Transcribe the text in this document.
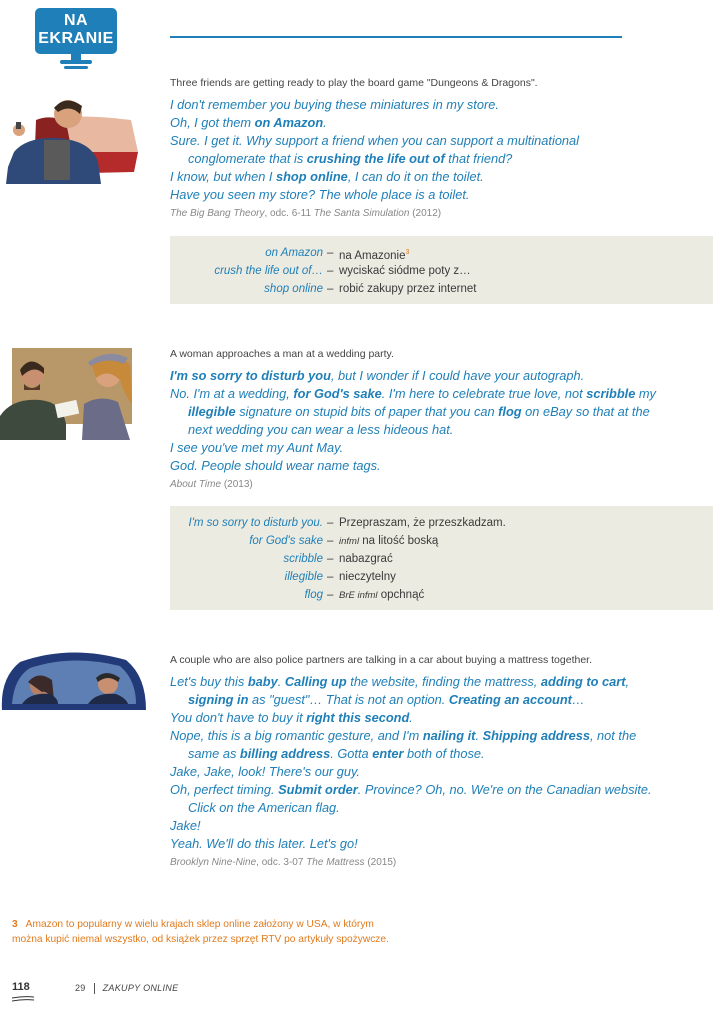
NA
EKRANIE
Three friends are getting ready to play the board game "Dungeons & Dragons".
I don't remember you buying these miniatures in my store.
Oh, I got them on Amazon.
Sure. I get it. Why support a friend when you can support a multinational
conglomerate that is crushing the life out of that friend?
I know, but when I shop online, I can do it on the toilet.
Have you seen my store? The whole place is a toilet.
The Big Bang Theory, odc. 6-11 The Santa Simulation (2012)
on Amazon – na Amazonie$^3$
crush the life out of… – wyciskać siódme poty z…
shop online – robić zakupy przez internet
A woman approaches a man at a wedding party.
I'm so sorry to disturb you, but I wonder if I could have your autograph.
No. I'm at a wedding, for God's sake. I'm here to celebrate true love, not scribble my
illegible signature on stupid bits of paper that you can flog on eBay so that at the
next wedding you can wear a less hideous hat.
I see you've met my Aunt May.
God. People should wear name tags.
About Time (2013)
I'm so sorry to disturb you. – Przepraszam, że przeszkadzam.
for God's sake – infml na litość boską
scribble – nabazgrać
illegible – nieczytelny
flog – BrE infml opchnąć
A couple who are also police partners are talking in a car about buying a mattress together.
Let's buy this baby. Calling up the website, finding the mattress, adding to cart,
signing in as "guest"… That is not an option. Creating an account…
You don't have to buy it right this second.
Nope, this is a big romantic gesture, and I'm nailing it. Shipping address, not the
same as billing address. Gotta enter both of those.
Jake, Jake, look! There's our guy.
Oh, perfect timing. Submit order. Province? Oh, no. We're on the Canadian website.
Click on the American flag.
Jake!
Yeah. We'll do this later. Let's go!
Brooklyn Nine-Nine, odc. 3-07 The Mattress (2015)
3 Amazon to popularny w wielu krajach sklep online założony w USA, w którym
można kupić niemal wszystko, od książek przez sprzęt RTV po artykuły spożywcze.
118	29 ZAKUPY ONLINE
